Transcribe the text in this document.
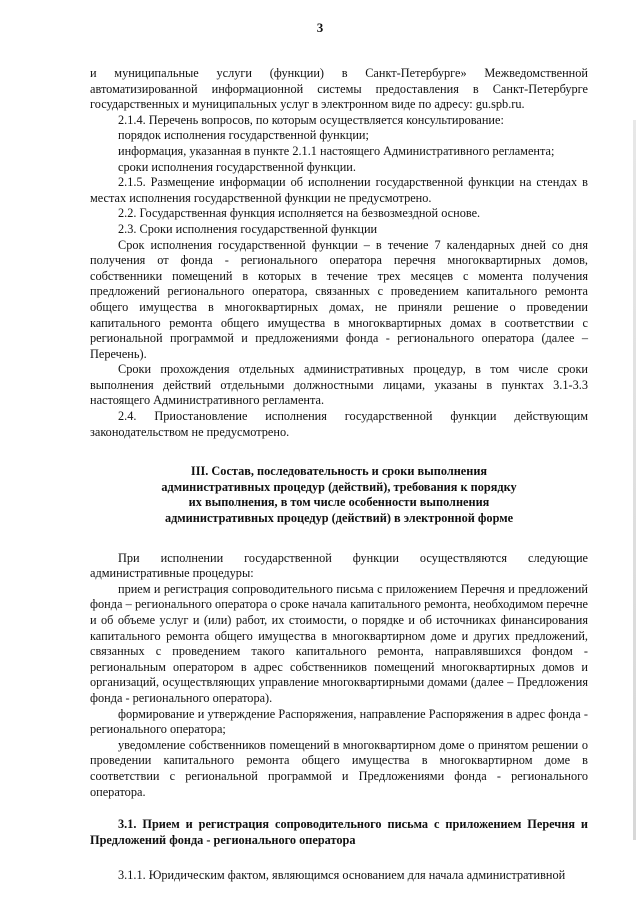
3

и муниципальные услуги (функции) в Санкт-Петербурге» Межведомственной автоматизированной информационной системы предоставления в Санкт-Петербурге государственных и муниципальных услуг в электронном виде по адресу: gu.spb.ru.

2.1.4. Перечень вопросов, по которым осуществляется консультирование:

порядок исполнения государственной функции;

информация, указанная в пункте 2.1.1 настоящего Административного регламента;

сроки исполнения государственной функции.

2.1.5. Размещение информации об исполнении государственной функции на стендах в местах исполнения государственной функции не предусмотрено.

2.2. Государственная функция исполняется на безвозмездной основе.

2.3. Сроки исполнения государственной функции

Срок исполнения государственной функции – в течение 7 календарных дней со дня получения от фонда - регионального оператора перечня многоквартирных домов, собственники помещений в которых в течение трех месяцев с момента получения предложений регионального оператора, связанных с проведением капитального ремонта общего имущества в многоквартирных домах, не приняли решение о проведении капитального ремонта общего имущества в многоквартирных домах в соответствии с региональной программой и предложениями фонда - регионального оператора (далее – Перечень).

Сроки прохождения отдельных административных процедур, в том числе сроки выполнения действий отдельными должностными лицами, указаны в пунктах 3.1-3.3 настоящего Административного регламента.

2.4. Приостановление исполнения государственной функции действующим законодательством не предусмотрено.

III. Состав, последовательность и сроки выполнения
административных процедур (действий), требования к порядку
их выполнения, в том числе особенности выполнения
административных процедур (действий) в электронной форме

При исполнении государственной функции осуществляются следующие административные процедуры:

прием и регистрация сопроводительного письма с приложением Перечня и предложений фонда – регионального оператора о сроке начала капитального ремонта, необходимом перечне и об объеме услуг и (или) работ, их стоимости, о порядке и об источниках финансирования капитального ремонта общего имущества в многоквартирном доме и других предложений, связанных с проведением такого капитального ремонта, направлявшихся фондом - региональным оператором в адрес собственников помещений многоквартирных домов и организаций, осуществляющих управление многоквартирными домами (далее – Предложения фонда - регионального оператора).

формирование и утверждение Распоряжения, направление Распоряжения в адрес фонда - регионального оператора;

уведомление собственников помещений в многоквартирном доме о принятом решении о проведении капитального ремонта общего имущества в многоквартирном доме в соответствии с региональной программой и Предложениями фонда - регионального оператора.

3.1. Прием и регистрация сопроводительного письма с приложением Перечня и Предложений фонда - регионального оператора

3.1.1. Юридическим фактом, являющимся основанием для начала административной
